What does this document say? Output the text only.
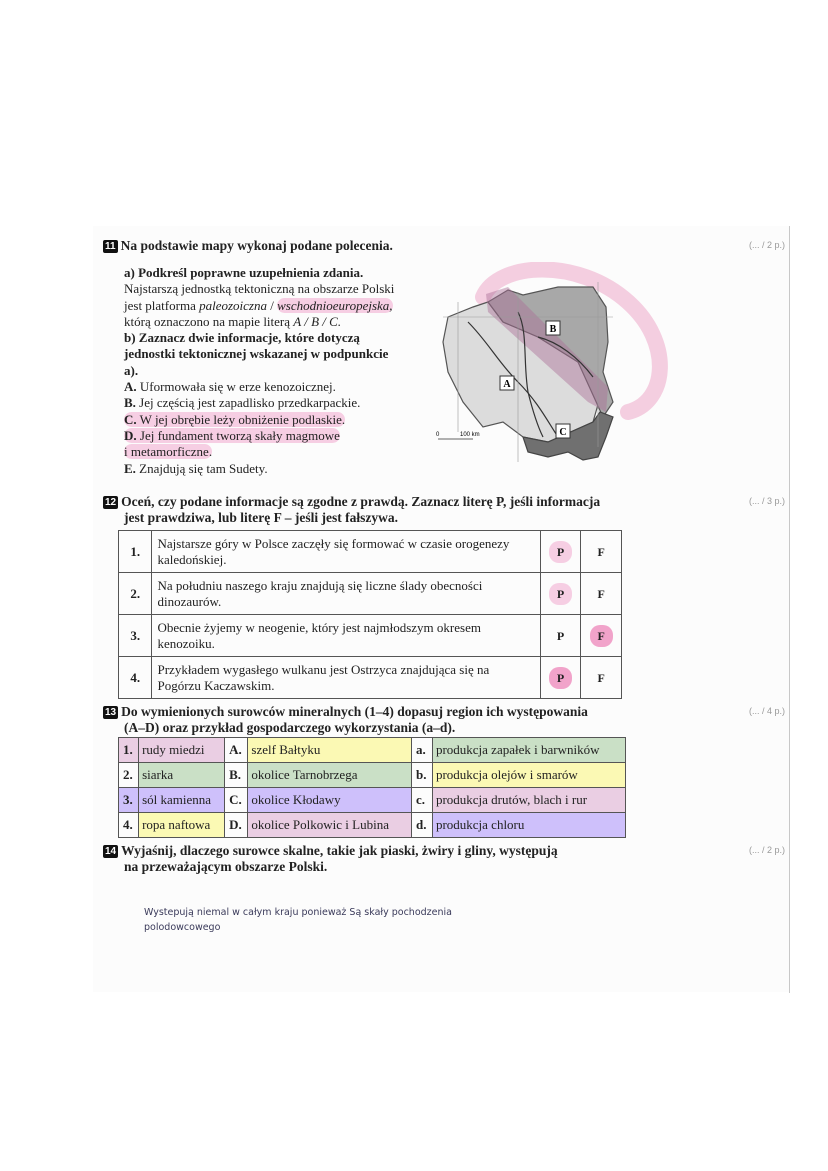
11 Na podstawie mapy wykonaj podane polecenia.	(... / 2 p.)
a) Podkreśl poprawne uzupełnienia zdania.
Najstarszą jednostką tektoniczną na obszarze Polski
jest platforma paleozoiczna / wschodnioeuropejska,
którą oznaczono na mapie literą A / B / C.
b) Zaznacz dwie informacje, które dotyczą
jednostki tektonicznej wskazanej w podpunkcie
a).
A. Uformowała się w erze kenozoicznej.
B. Jej częścią jest zapadlisko przedkarpackie.
C. W jej obrębie leży obniżenie podlaskie.
D. Jej fundament tworzą skały magmowe
i metamorficzne.
E. Znajdują się tam Sudety.
A
B
C
0	100 km
12 Oceń, czy podane informacje są zgodne z prawdą. Zaznacz literę P, jeśli informacja
jest prawdziwa, lub literę F – jeśli jest fałszywa.
(... / 3 p.)
1.	Najstarsze góry w Polsce zaczęły się formować w czasie orogenezy kaledońskiej.	P	F
2.	Na południu naszego kraju znajdują się liczne ślady obecności dinozaurów.	P	F
3.	Obecnie żyjemy w neogenie, który jest najmłodszym okresem kenozoiku.	P	F
4.	Przykładem wygasłego wulkanu jest Ostrzyca znajdująca się na Pogórzu Kaczawskim.	P	F
13 Do wymienionych surowców mineralnych (1–4) dopasuj region ich występowania
(A–D) oraz przykład gospodarczego wykorzystania (a–d).
(... / 4 p.)
1.	rudy miedzi	A.	szelf Bałtyku	a.	produkcja zapałek i barwników
2.	siarka	B.	okolice Tarnobrzega	b.	produkcja olejów i smarów
3.	sól kamienna	C.	okolice Kłodawy	c.	produkcja drutów, blach i rur
4.	ropa naftowa	D.	okolice Polkowic i Lubina	d.	produkcja chloru
14 Wyjaśnij, dlaczego surowce skalne, takie jak piaski, żwiry i gliny, występują
na przeważającym obszarze Polski.
(... / 2 p.)
Wystepują niemal w całym kraju ponieważ Są skały pochodzenia
polodowcowego
